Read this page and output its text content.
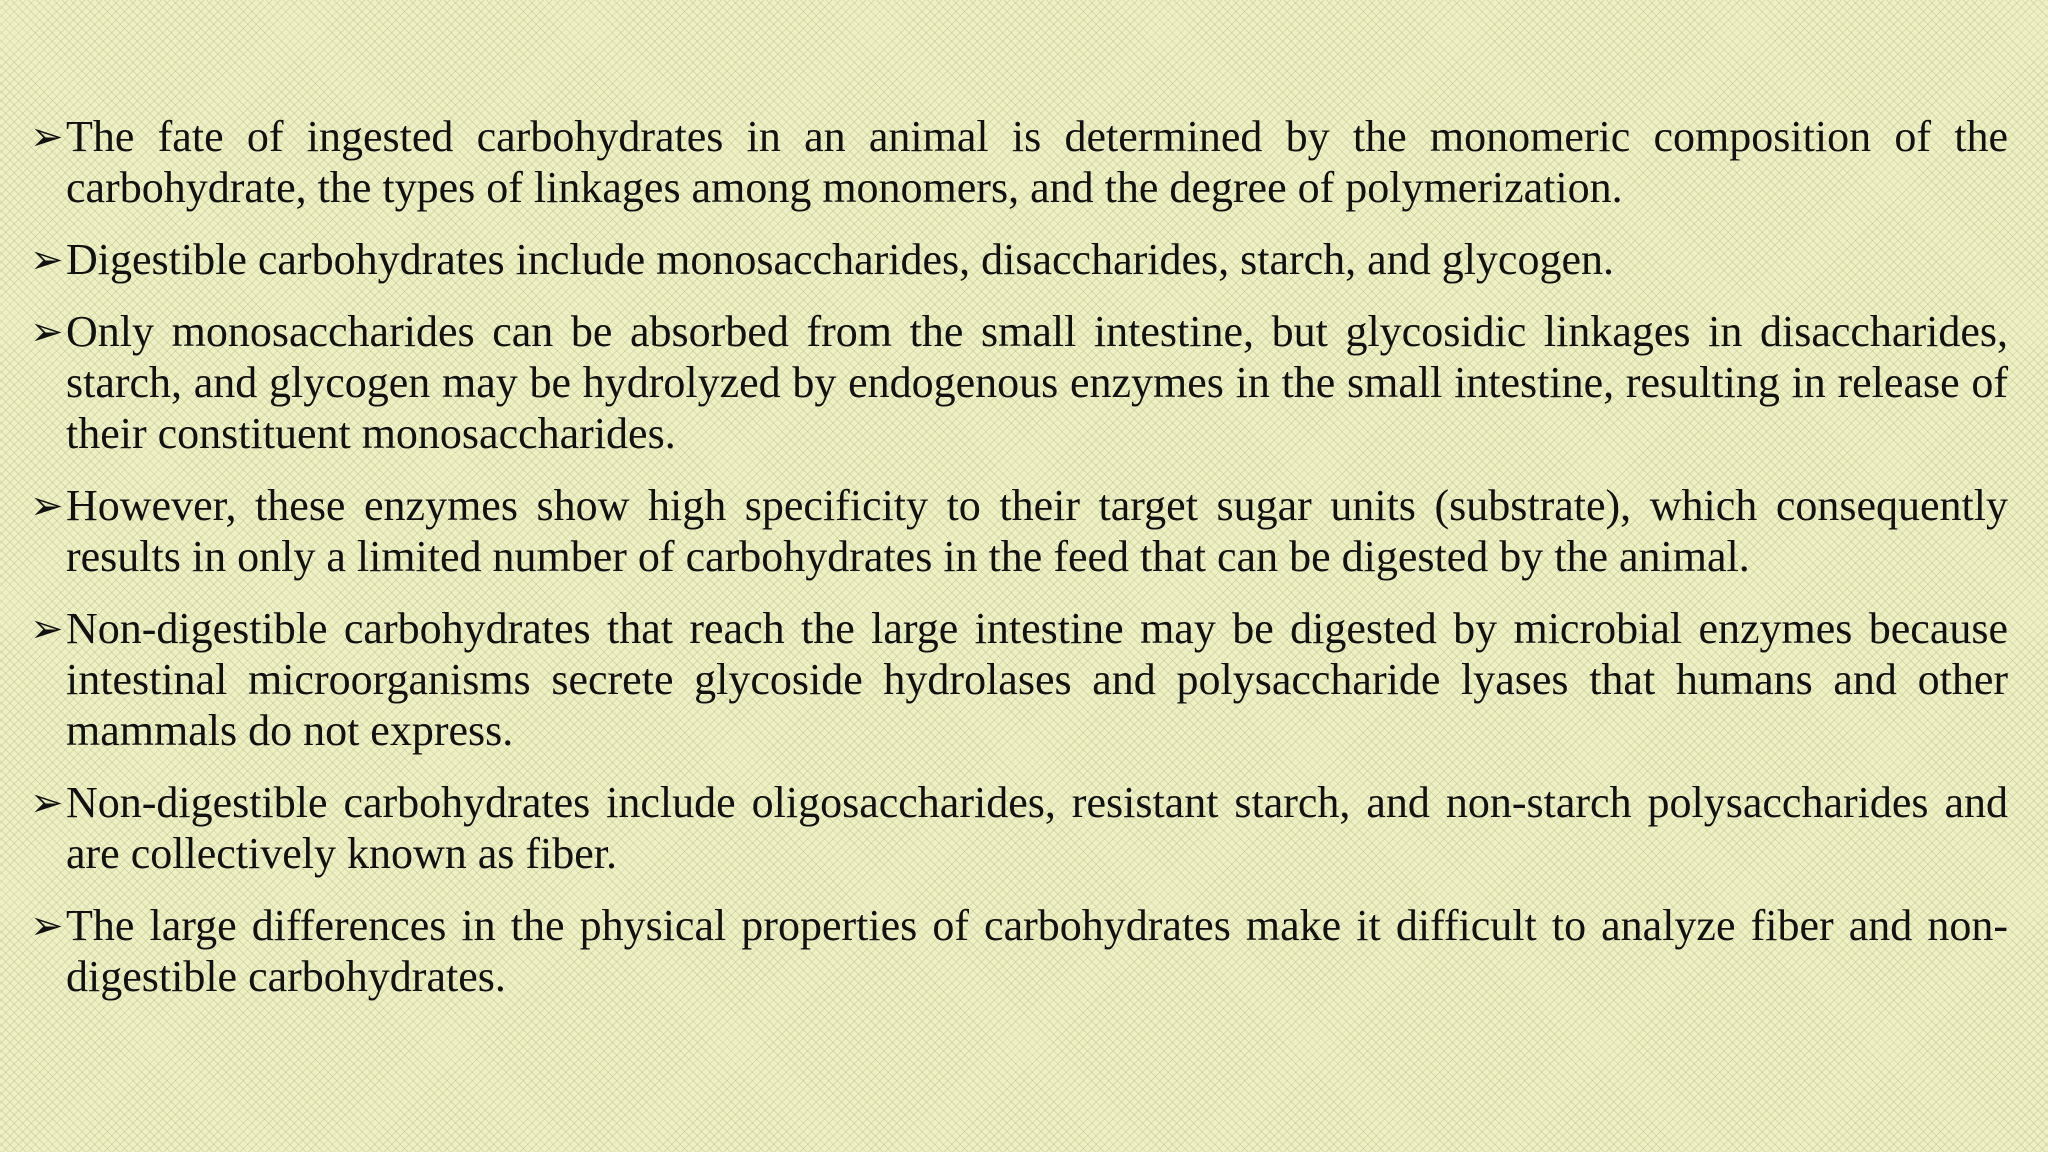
➢ The fate of ingested carbohydrates in an animal is determined by the monomeric composition of the carbohydrate, the types of linkages among monomers, and the degree of polymerization.
➢ Digestible carbohydrates include monosaccharides, disaccharides, starch, and glycogen.
➢ Only monosaccharides can be absorbed from the small intestine, but glycosidic linkages in disaccharides, starch, and glycogen may be hydrolyzed by endogenous enzymes in the small intestine, resulting in release of their constituent monosaccharides.
➢ However, these enzymes show high specificity to their target sugar units (substrate), which consequently results in only a limited number of carbohydrates in the feed that can be digested by the animal.
➢ Non-digestible carbohydrates that reach the large intestine may be digested by microbial enzymes because intestinal microorganisms secrete glycoside hydrolases and polysaccharide lyases that humans and other mammals do not express.
➢ Non-digestible carbohydrates include oligosaccharides, resistant starch, and non-starch polysaccharides and are collectively known as fiber.
➢ The large differences in the physical properties of carbohydrates make it difficult to analyze fiber and non-digestible carbohydrates.
